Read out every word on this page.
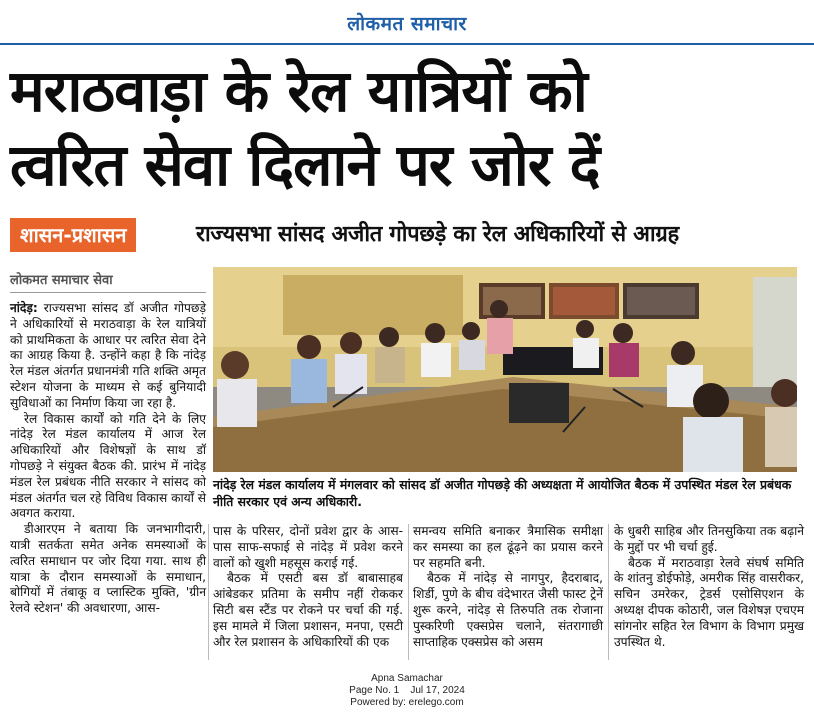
लोकमत समाचार
मराठवाड़ा के रेल यात्रियों को
त्वरित सेवा दिलाने पर जोर दें
शासन-प्रशासन	राज्यसभा सांसद अजीत गोपछड़े का रेल अधिकारियों से आग्रह
लोकमत समाचार सेवा
नांदेड़ रेल मंडल कार्यालय में मंगलवार को सांसद डॉ अजीत गोपछड़े की अध्यक्षता में आयोजित बैठक में उपस्थित मंडल रेल प्रबंधक नीति सरकार एवं अन्य अधिकारी.

नांदेड़: राज्यसभा सांसद डॉ अजीत गोपछड़े ने अधिकारियों से मराठवाड़ा के रेल यात्रियों को प्राथमिकता के आधार पर त्वरित सेवा देने का आग्रह किया है. उन्होंने कहा है कि नांदेड़ रेल मंडल अंतर्गत प्रधानमंत्री गति शक्ति अमृत स्टेशन योजना के माध्यम से कई बुनियादी सुविधाओं का निर्माण किया जा रहा है.

रेल विकास कार्यों को गति देने के लिए नांदेड़ रेल मंडल कार्यालय में आज रेल अधिकारियों और विशेषज्ञों के साथ डॉ गोपछड़े ने संयुक्त बैठक की. प्रारंभ में नांदेड़ मंडल रेल प्रबंधक नीति सरकार ने सांसद को मंडल अंतर्गत चल रहे विविध विकास कार्यों से अवगत कराया.

डीआरएम ने बताया कि जनभागीदारी, यात्री सतर्कता समेत अनेक समस्याओं के त्वरित समाधान पर जोर दिया गया. साथ ही यात्रा के दौरान समस्याओं के समाधान, बोगियों में तंबाकू व प्लास्टिक मुक्ति, 'ग्रीन रेलवे स्टेशन' की अवधारणा, आस-

पास के परिसर, दोनों प्रवेश द्वार के आस-पास साफ-सफाई से नांदेड़ में प्रवेश करने वालों को खुशी महसूस कराई गई.

बैठक में एसटी बस डॉ बाबासाहब आंबेडकर प्रतिमा के समीप नहीं रोककर सिटी बस स्टैंड पर रोकने पर चर्चा की गई. इस मामले में जिला प्रशासन, मनपा, एसटी और रेल प्रशासन के अधिकारियों की एक

समन्वय समिति बनाकर त्रैमासिक समीक्षा कर समस्या का हल ढूंढ़ने का प्रयास करने पर सहमति बनी.

बैठक में नांदेड़ से नागपुर, हैदराबाद, शिर्डी, पुणे के बीच वंदेभारत जैसी फास्ट ट्रेनें शुरू करने, नांदेड़ से तिरुपति तक रोजाना पुस्करिणी एक्सप्रेस चलाने, संतरागाछी साप्ताहिक एक्सप्रेस को असम

के धुबरी साहिब और तिनसुकिया तक बढ़ाने के मुद्दों पर भी चर्चा हुई.

बैठक में मराठवाड़ा रेलवे संघर्ष समिति के शांतनु डोईफोड़े, अमरीक सिंह वासरीकर, सचिन उमरेकर, ट्रेडर्स एसोसिएशन के अध्यक्ष दीपक कोठारी, जल विशेषज्ञ एचएम सांगनोर सहित रेल विभाग के विभाग प्रमुख उपस्थित थे.

Apna Samachar
Page No. 1    Jul 17, 2024
Powered by: erelego.com
